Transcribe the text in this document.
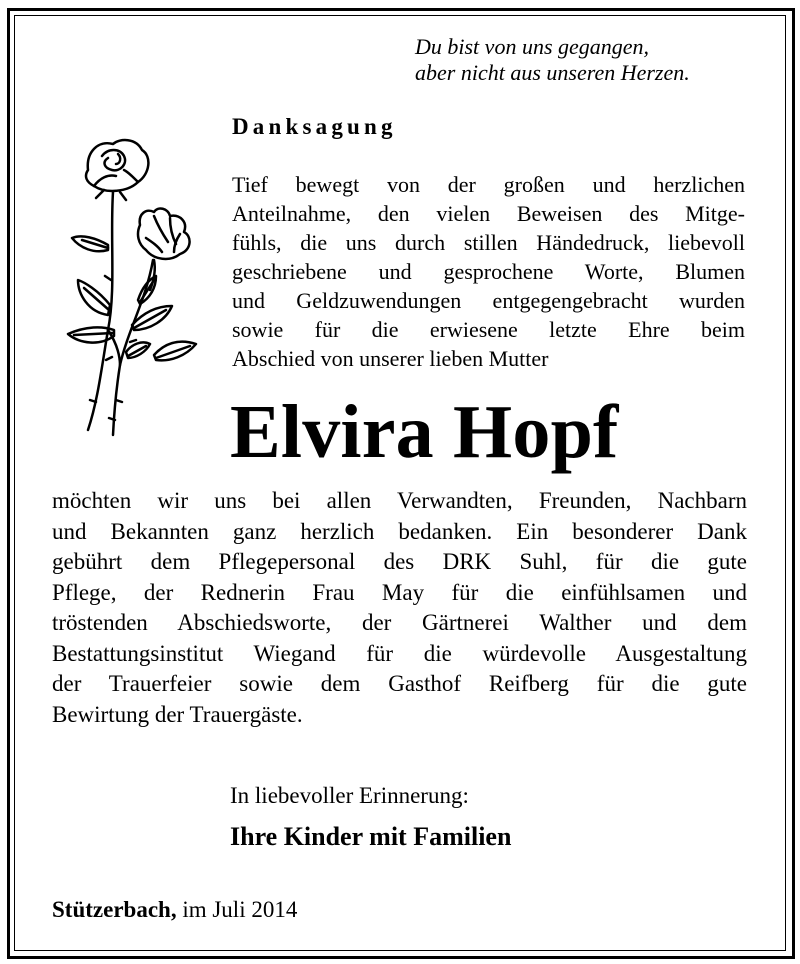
Du bist von uns gegangen,
aber nicht aus unseren Herzen.
Danksagung
Tief bewegt von der großen und herzlichen
Anteilnahme, den vielen Beweisen des Mitge-
fühls, die uns durch stillen Händedruck, liebevoll
geschriebene und gesprochene Worte, Blumen
und Geldzuwendungen entgegengebracht wurden
sowie für die erwiesene letzte Ehre beim
Abschied von unserer lieben Mutter
Elvira Hopf
möchten wir uns bei allen Verwandten, Freunden, Nachbarn
und Bekannten ganz herzlich bedanken. Ein besonderer Dank
gebührt dem Pflegepersonal des DRK Suhl, für die gute
Pflege, der Rednerin Frau May für die einfühlsamen und
tröstenden Abschiedsworte, der Gärtnerei Walther und dem
Bestattungsinstitut Wiegand für die würdevolle Ausgestaltung
der Trauerfeier sowie dem Gasthof Reifberg für die gute
Bewirtung der Trauergäste.
In liebevoller Erinnerung:
Ihre Kinder mit Familien
Stützerbach, im Juli 2014
